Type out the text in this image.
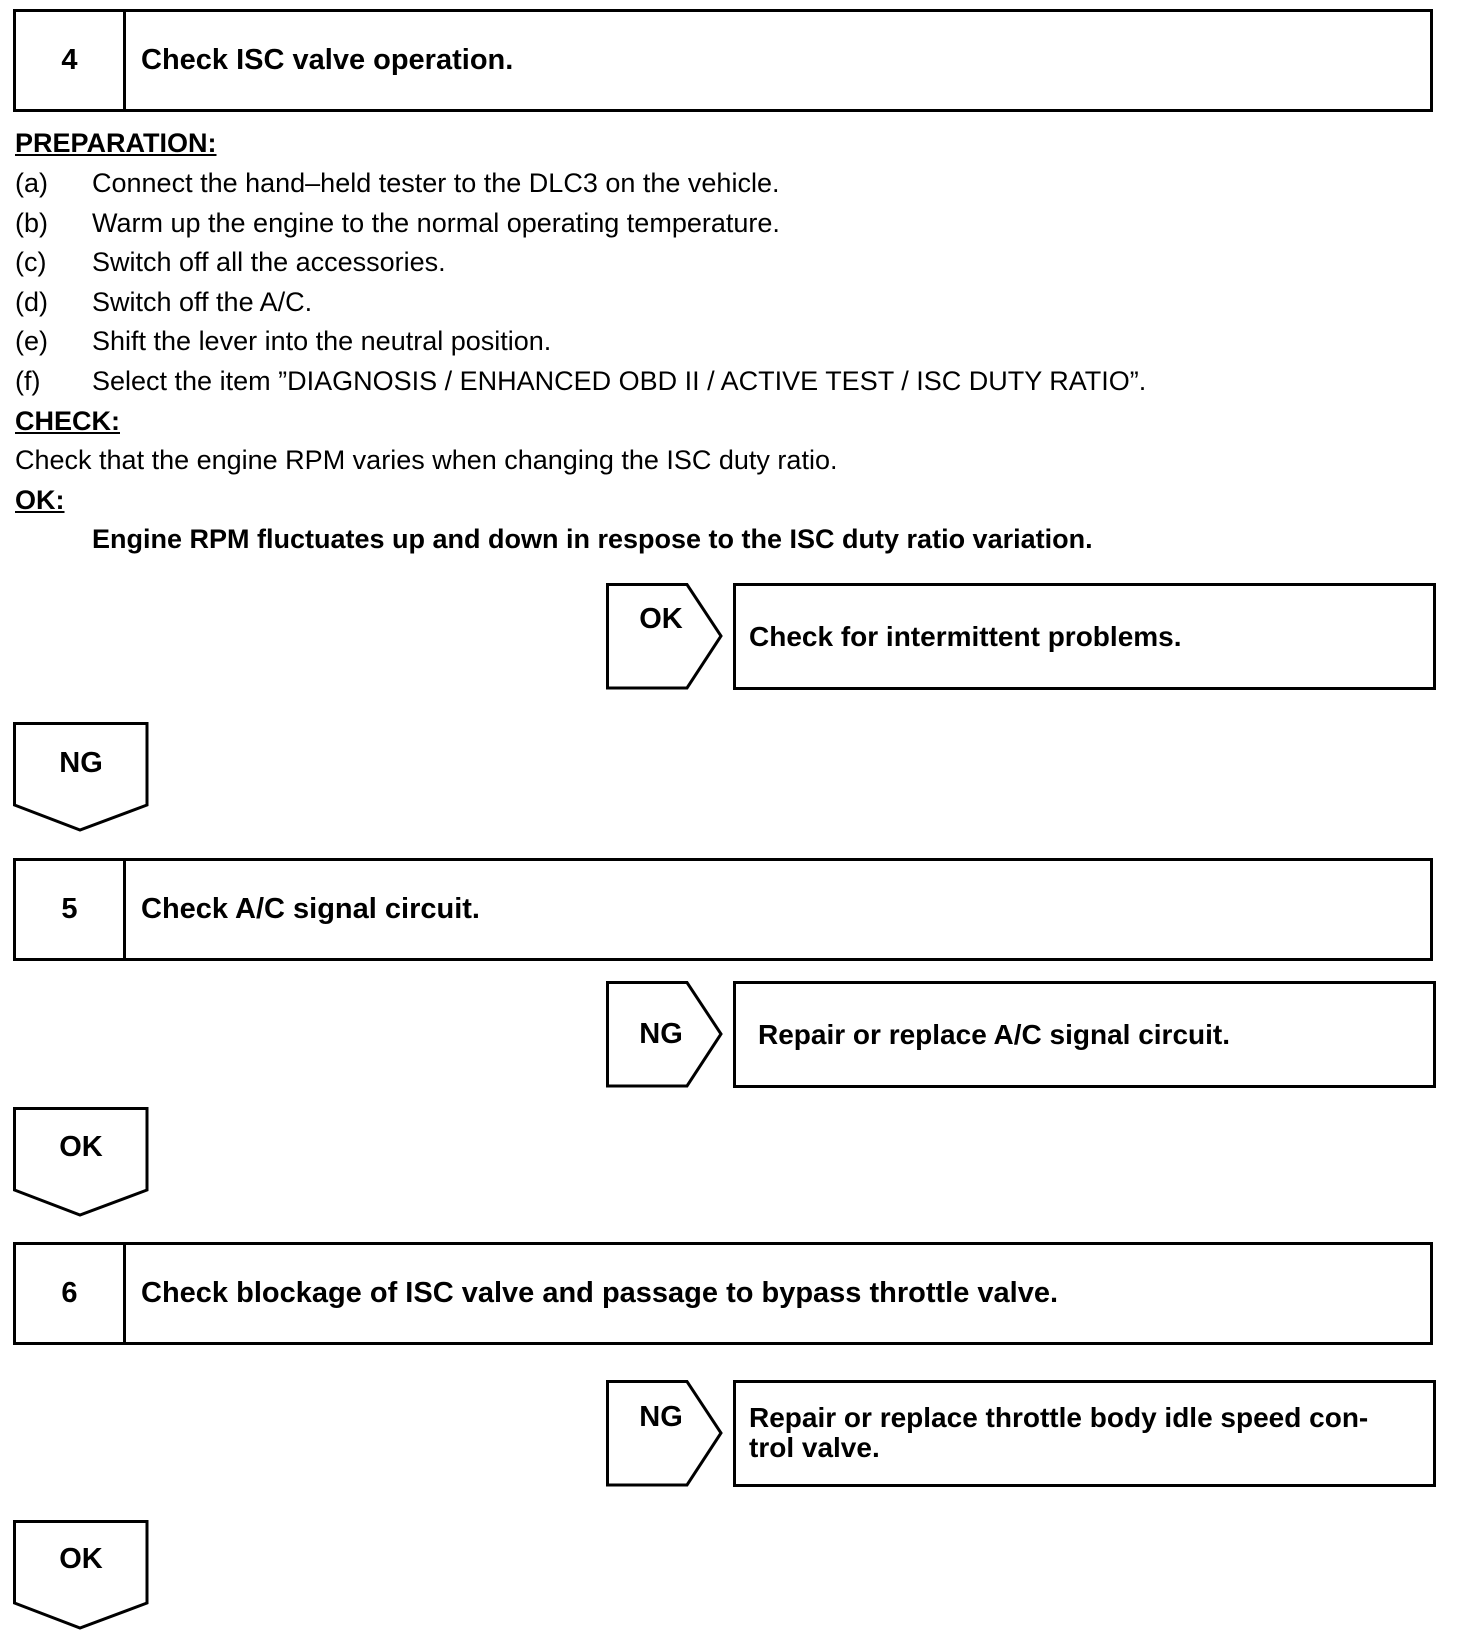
4	Check ISC valve operation.
PREPARATION:
(a) Connect the hand–held tester to the DLC3 on the vehicle.
(b) Warm up the engine to the normal operating temperature.
(c) Switch off all the accessories.
(d) Switch off the A/C.
(e) Shift the lever into the neutral position.
(f) Select the item ”DIAGNOSIS / ENHANCED OBD II / ACTIVE TEST / ISC DUTY RATIO”.
CHECK:
Check that the engine RPM varies when changing the ISC duty ratio.
OK:
Engine RPM fluctuates up and down in respose to the ISC duty ratio variation.
OK
Check for intermittent problems.
NG
5	Check A/C signal circuit.
NG	Repair or replace A/C signal circuit.
OK
6	Check blockage of ISC valve and passage to bypass throttle valve.
NG	Repair or replace throttle body idle speed con-
trol valve.
OK
